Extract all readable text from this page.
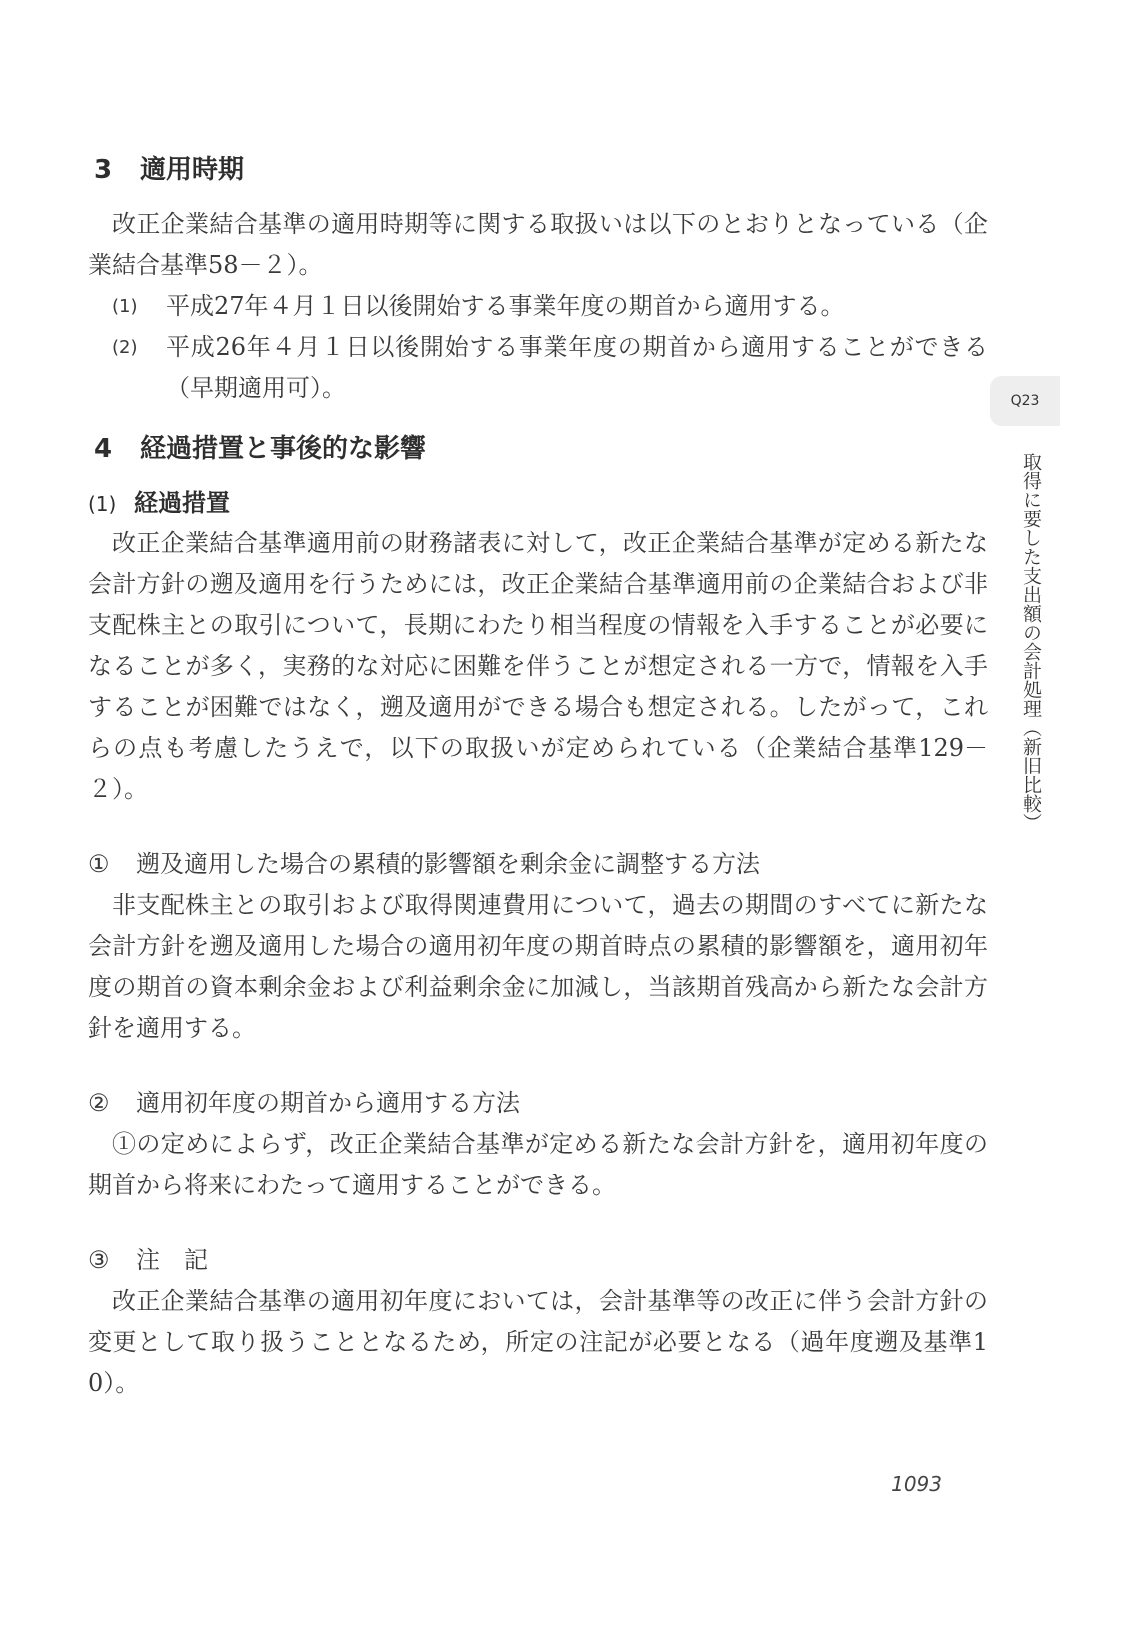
3 適用時期

改正企業結合基準の適用時期等に関する取扱いは以下のとおりとなっている（企業結合基準58－２）。

(1) 平成27年４月１日以後開始する事業年度の期首から適用する。
(2) 平成26年４月１日以後開始する事業年度の期首から適用することができる（早期適用可）。
4 経過措置と事後的な影響
(1) 経過措置

改正企業結合基準適用前の財務諸表に対して，改正企業結合基準が定める新たな会計方針の遡及適用を行うためには，改正企業結合基準適用前の企業結合および非支配株主との取引について，長期にわたり相当程度の情報を入手することが必要になることが多く，実務的な対応に困難を伴うことが想定される一方で，情報を入手することが困難ではなく，遡及適用ができる場合も想定される。したがって，これらの点も考慮したうえで，以下の取扱いが定められている（企業結合基準129－２）。

① 遡及適用した場合の累積的影響額を剰余金に調整する方法

非支配株主との取引および取得関連費用について，過去の期間のすべてに新たな会計方針を遡及適用した場合の適用初年度の期首時点の累積的影響額を，適用初年度の期首の資本剰余金および利益剰余金に加減し，当該期首残高から新たな会計方針を適用する。

② 適用初年度の期首から適用する方法

①の定めによらず，改正企業結合基準が定める新たな会計方針を，適用初年度の期首から将来にわたって適用することができる。

③ 注　記

改正企業結合基準の適用初年度においては，会計基準等の改正に伴う会計方針の変更として取り扱うこととなるため，所定の注記が必要となる（過年度遡及基準10）。

Q23
取得に要した支出額の会計処理（新旧比較）
1093
